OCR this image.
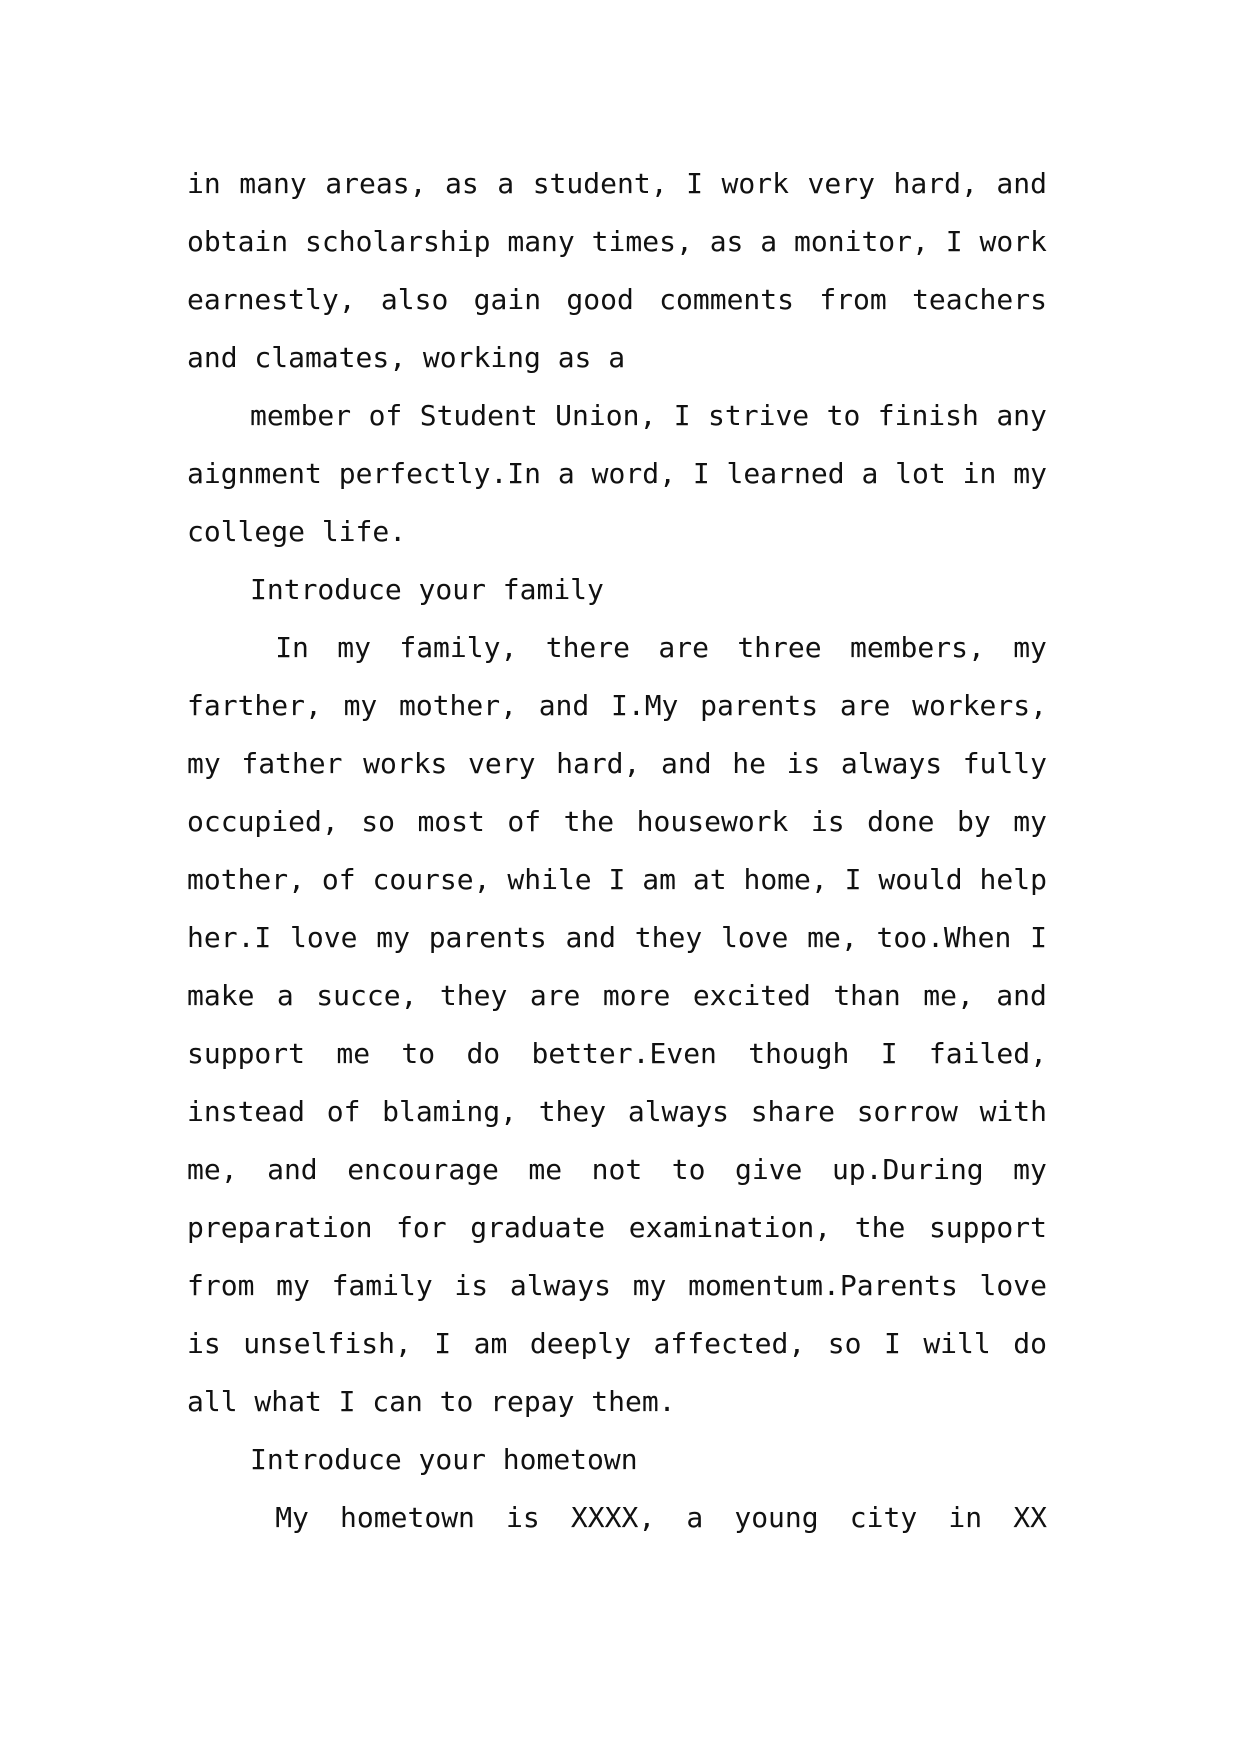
in many areas, as a student, I work very hard, and
obtain scholarship many times, as a monitor, I work
earnestly, also gain good comments from teachers
and clamates, working as a
member of Student Union, I strive to finish any
aignment perfectly.In a word, I learned a lot in my
college life.
Introduce your family
In my family, there are three members, my
farther, my mother, and I.My parents are workers,
my father works very hard, and he is always fully
occupied, so most of the housework is done by my
mother, of course, while I am at home, I would help
her.I love my parents and they love me, too.When I
make a succe, they are more excited than me, and
support me to do better.Even though I failed,
instead of blaming, they always share sorrow with
me, and encourage me not to give up.During my
preparation for graduate examination, the support
from my family is always my momentum.Parents love
is unselfish, I am deeply affected, so I will do
all what I can to repay them.
Introduce your hometown
My hometown is XXXX, a young city in XX
